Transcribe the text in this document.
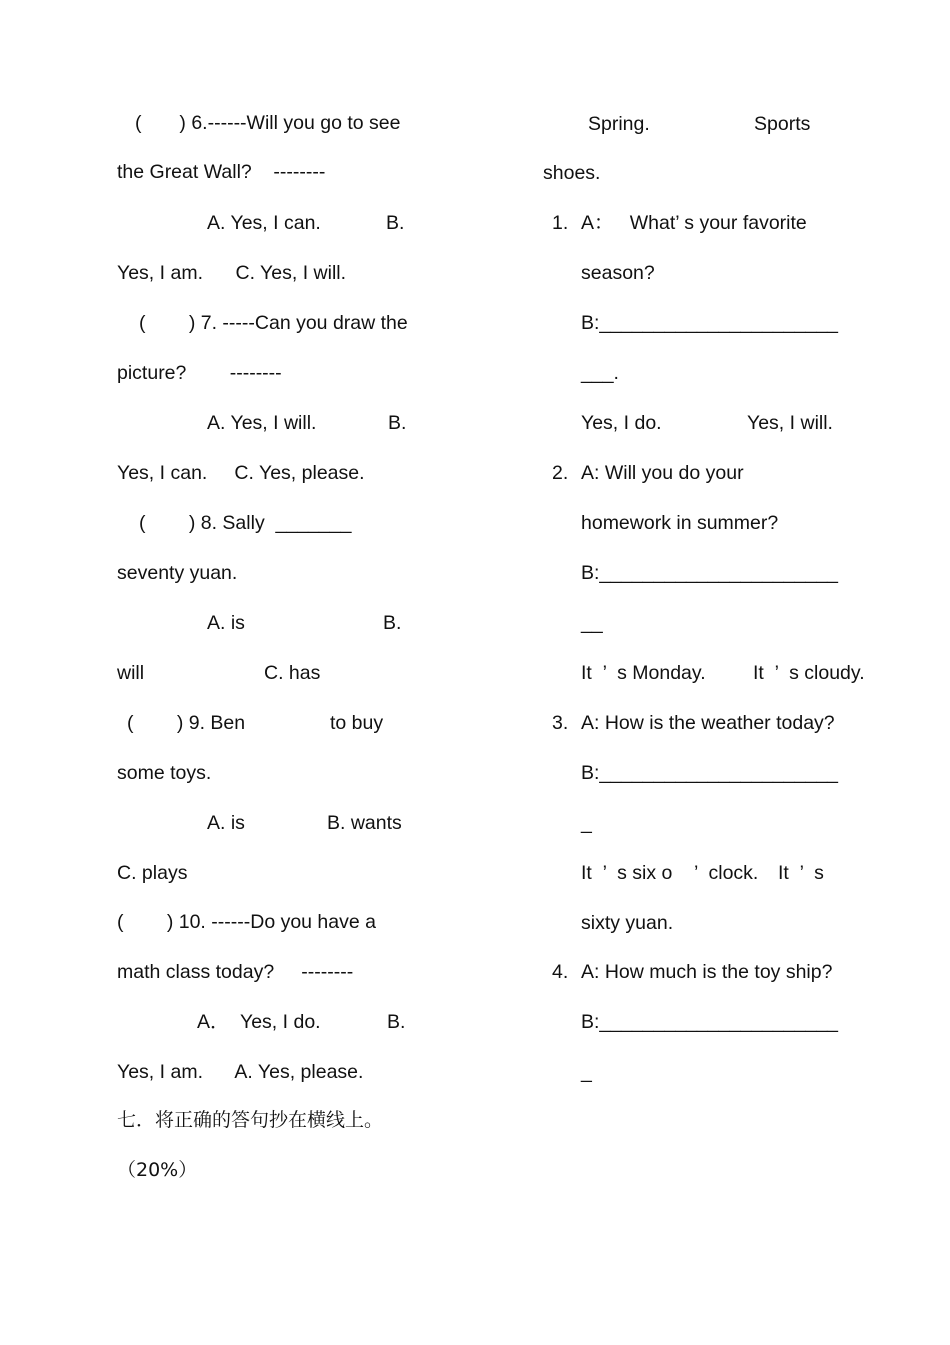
(       ) 6.------Will you go to see
the Great Wall?    --------
A. Yes, I can.	B.
Yes, I am.      C. Yes, I will.
(        ) 7. -----Can you draw the
picture?        --------
A. Yes, I will.	B.
Yes, I can.     C. Yes, please.
(        ) 8. Sally  _______
seventy yuan.
A. is	B.
will	C. has
(        ) 9. Ben	to buy
some toys.
A. is	B. wants
C. plays
(        ) 10. ------Do you have a
math class today?     --------
A．  Yes, I do.	B.
Yes, I am.      A. Yes, please.
七．将正确的答句抄在横线上。
（20%）
Spring.	Sports
shoes.
1. A：   What’ s your favorite
season?
B:______________________
___.
Yes, I do.	Yes, I will.
2. A: Will you do your
homework in summer?
B:______________________
__
It  ’  s Monday. It  ’  s cloudy.
3. A: How is the weather today?
B:______________________
_
It  ’  s six o    ’  clock. It  ’  s
sixty yuan.
4. A: How much is the toy ship?
B:______________________
_
